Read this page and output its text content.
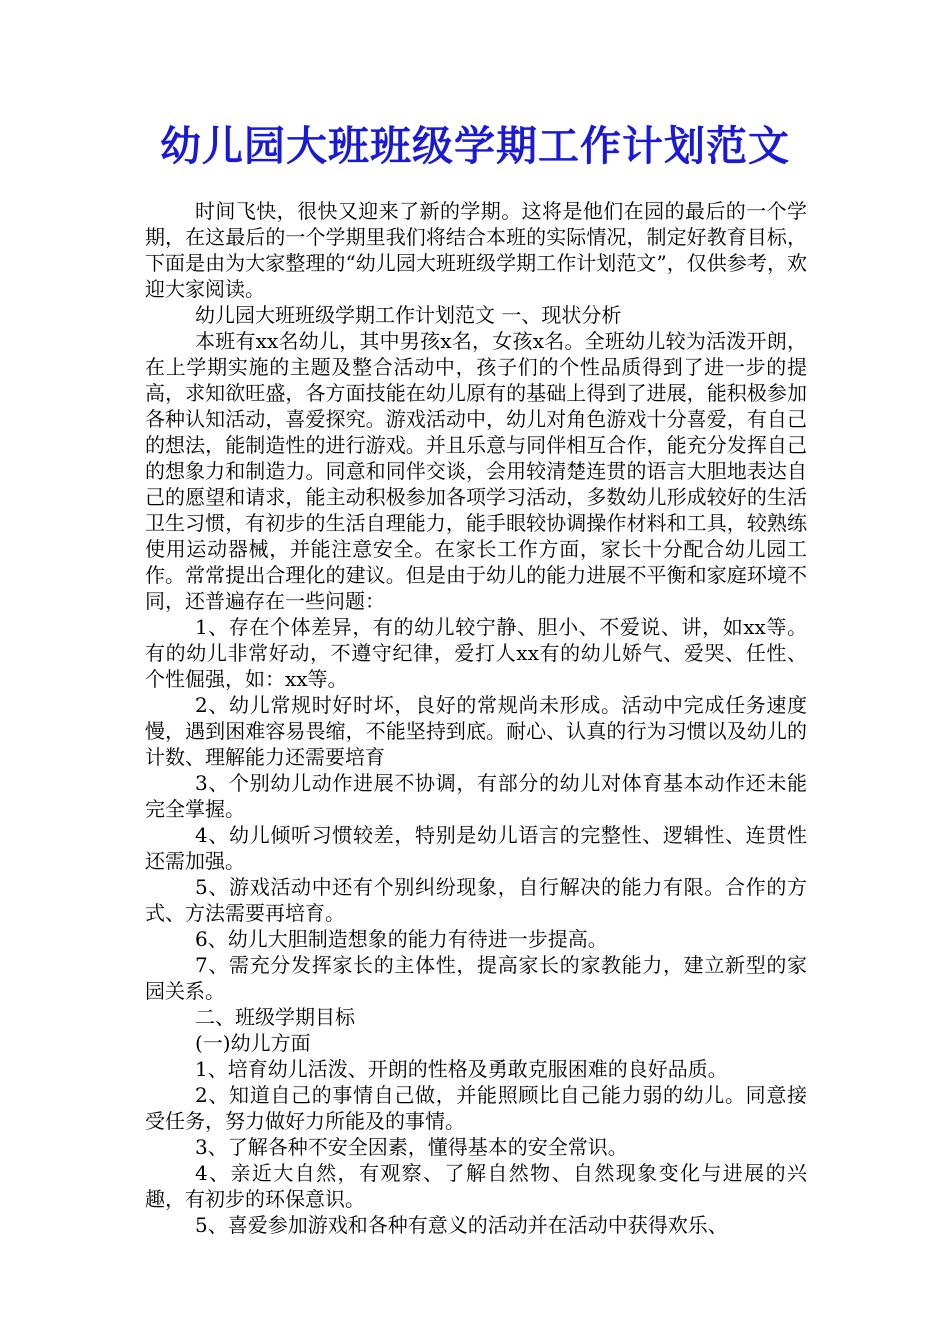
幼儿园大班班级学期工作计划范文

时间飞快，很快又迎来了新的学期。这将是他们在园的最后的一个学期，在这最后的一个学期里我们将结合本班的实际情况，制定好教育目标，下面是由为大家整理的“幼儿园大班班级学期工作计划范文”，仅供参考，欢迎大家阅读。

幼儿园大班班级学期工作计划范文 一、现状分析

本班有xx名幼儿，其中男孩x名，女孩x名。全班幼儿较为活泼开朗，在上学期实施的主题及整合活动中，孩子们的个性品质得到了进一步的提高，求知欲旺盛，各方面技能在幼儿原有的基础上得到了进展，能积极参加各种认知活动，喜爱探究。游戏活动中，幼儿对角色游戏十分喜爱，有自己的想法，能制造性的进行游戏。并且乐意与同伴相互合作，能充分发挥自己的想象力和制造力。同意和同伴交谈，会用较清楚连贯的语言大胆地表达自己的愿望和请求，能主动积极参加各项学习活动，多数幼儿形成较好的生活卫生习惯，有初步的生活自理能力，能手眼较协调操作材料和工具，较熟练使用运动器械，并能注意安全。在家长工作方面，家长十分配合幼儿园工作。常常提出合理化的建议。但是由于幼儿的能力进展不平衡和家庭环境不同，还普遍存在一些问题：

1、存在个体差异，有的幼儿较宁静、胆小、不爱说、讲，如xx等。有的幼儿非常好动，不遵守纪律，爱打人xx有的幼儿娇气、爱哭、任性、个性倔强，如：xx等。

2、幼儿常规时好时坏，良好的常规尚未形成。活动中完成任务速度慢，遇到困难容易畏缩，不能坚持到底。耐心、认真的行为习惯以及幼儿的计数、理解能力还需要培育

3、个别幼儿动作进展不协调，有部分的幼儿对体育基本动作还未能完全掌握。

4、幼儿倾听习惯较差，特别是幼儿语言的完整性、逻辑性、连贯性还需加强。

5、游戏活动中还有个别纠纷现象，自行解决的能力有限。合作的方式、方法需要再培育。

6、幼儿大胆制造想象的能力有待进一步提高。

7、需充分发挥家长的主体性，提高家长的家教能力，建立新型的家园关系。

二、班级学期目标

(一)幼儿方面

1、培育幼儿活泼、开朗的性格及勇敢克服困难的良好品质。

2、知道自己的事情自己做，并能照顾比自己能力弱的幼儿。同意接受任务，努力做好力所能及的事情。

3、了解各种不安全因素，懂得基本的安全常识。

4、亲近大自然，有观察、了解自然物、自然现象变化与进展的兴趣，有初步的环保意识。

5、喜爱参加游戏和各种有意义的活动并在活动中获得欢乐、
